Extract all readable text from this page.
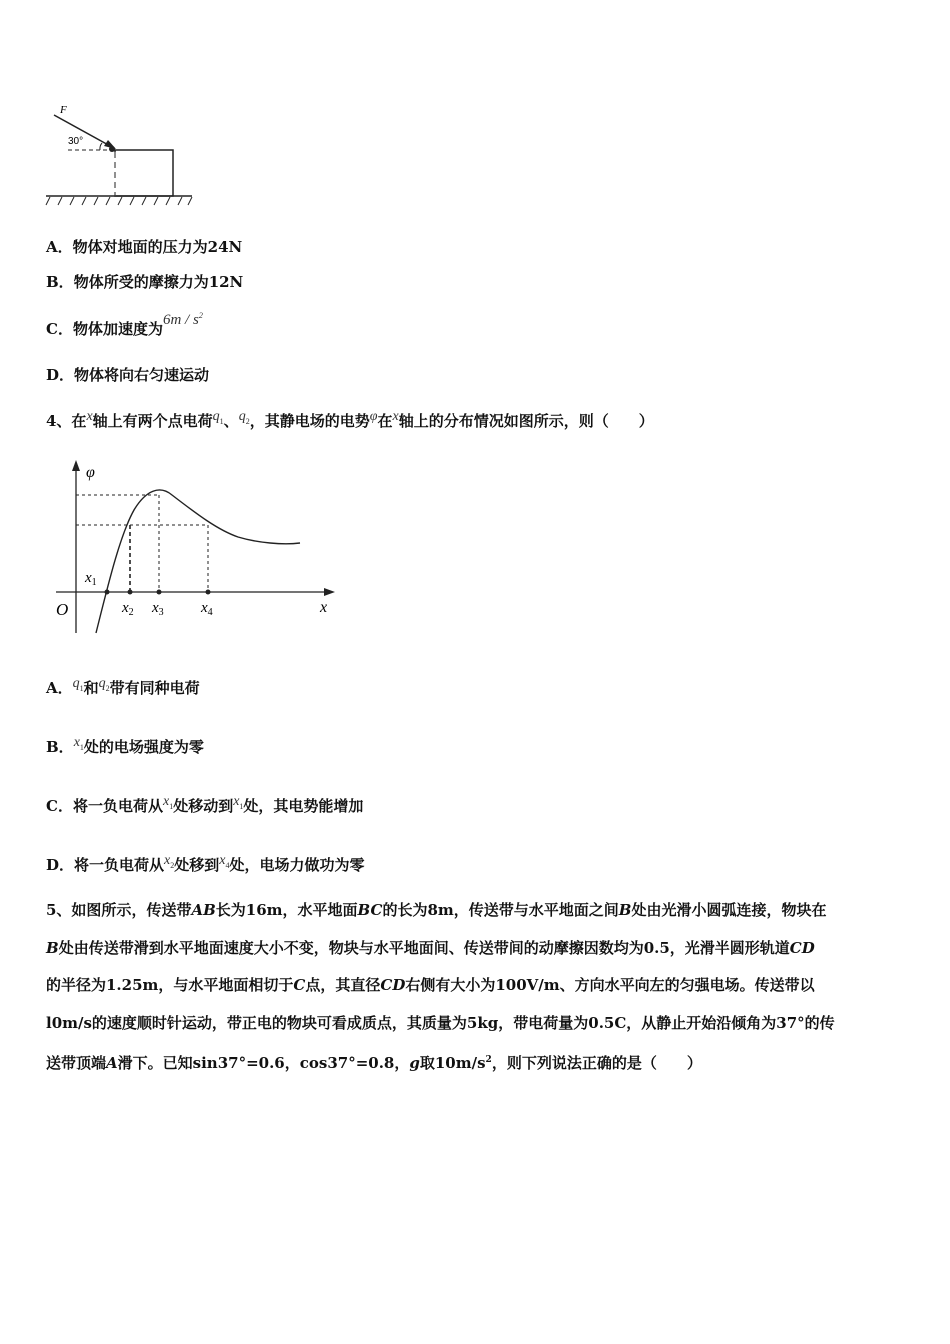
F
30°
A．物体对地面的压力为24N
B．物体所受的摩擦力为12N
C．物体加速度为$6m / s^2$
D．物体将向右匀速运动
4、在x轴上有两个点电荷$q_1$、$q_2$，其静电场的电势φ在x轴上的分布情况如图所示，则（　　）
φ
x
O
$x_1$
$x_2$ $x_3$ $x_4$
A．$q_1$和$q_2$带有同种电荷
B．$x_1$处的电场强度为零
C．将一负电荷从$x_1$处移动到$x_1$处，其电势能增加
D．将一负电荷从$x_2$处移到$x_4$处，电场力做功为零
5、如图所示，传送带AB长为16m，水平地面BC的长为8m，传送带与水平地面之间B处由光滑小圆弧连接，物块在
B处由传送带滑到水平地面速度大小不变，物块与水平地面间、传送带间的动摩擦因数均为0.5，光滑半圆形轨道CD
的半径为1.25m，与水平地面相切于C点，其直径CD右侧有大小为100V/m、方向水平向左的匀强电场。传送带以
l0m/s的速度顺时针运动，带正电的物块可看成质点，其质量为5kg，带电荷量为0.5C，从静止开始沿倾角为37°的传
送带顶端A滑下。已知sin37°=0.6，cos37°=0.8，g取$10m/s^2$，则下列说法正确的是（　　）
